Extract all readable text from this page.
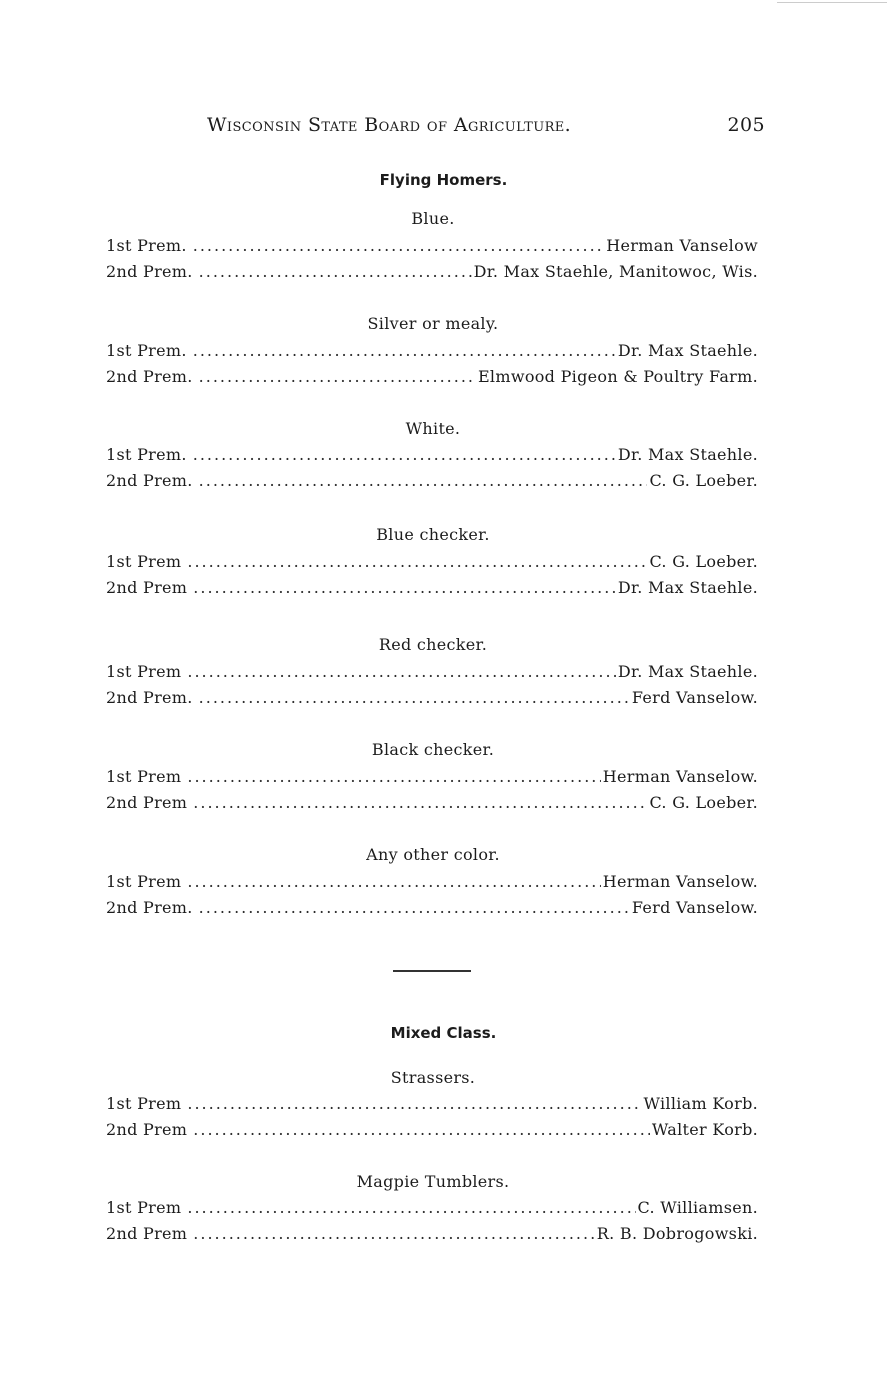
Wisconsin State Board of Agriculture.	205
Flying Homers.
Blue.
1st Prem. .....	Herman Vanselow
2nd Prem. .....	Dr. Max Staehle, Manitowoc, Wis.
Silver or mealy.
1st Prem. .....	Dr. Max Staehle.
2nd Prem. .....	Elmwood Pigeon & Poultry Farm.
White.
1st Prem. .....	Dr. Max Staehle.
2nd Prem. .....	C. G. Loeber.
Blue checker.
1st Prem .....	C. G. Loeber.
2nd Prem .....	Dr. Max Staehle.
Red checker.
1st Prem .....	Dr. Max Staehle.
2nd Prem. .....	Ferd Vanselow.
Black checker.
1st Prem .....	Herman Vanselow.
2nd Prem .....	C. G. Loeber.
Any other color.
1st Prem .....	Herman Vanselow.
2nd Prem. .....	Ferd Vanselow.
Mixed Class.
Strassers.
1st Prem .....	William Korb.
2nd Prem .....	Walter Korb.
Magpie Tumblers.
1st Prem .....	C. Williamsen.
2nd Prem .....	R. B. Dobrogowski.
